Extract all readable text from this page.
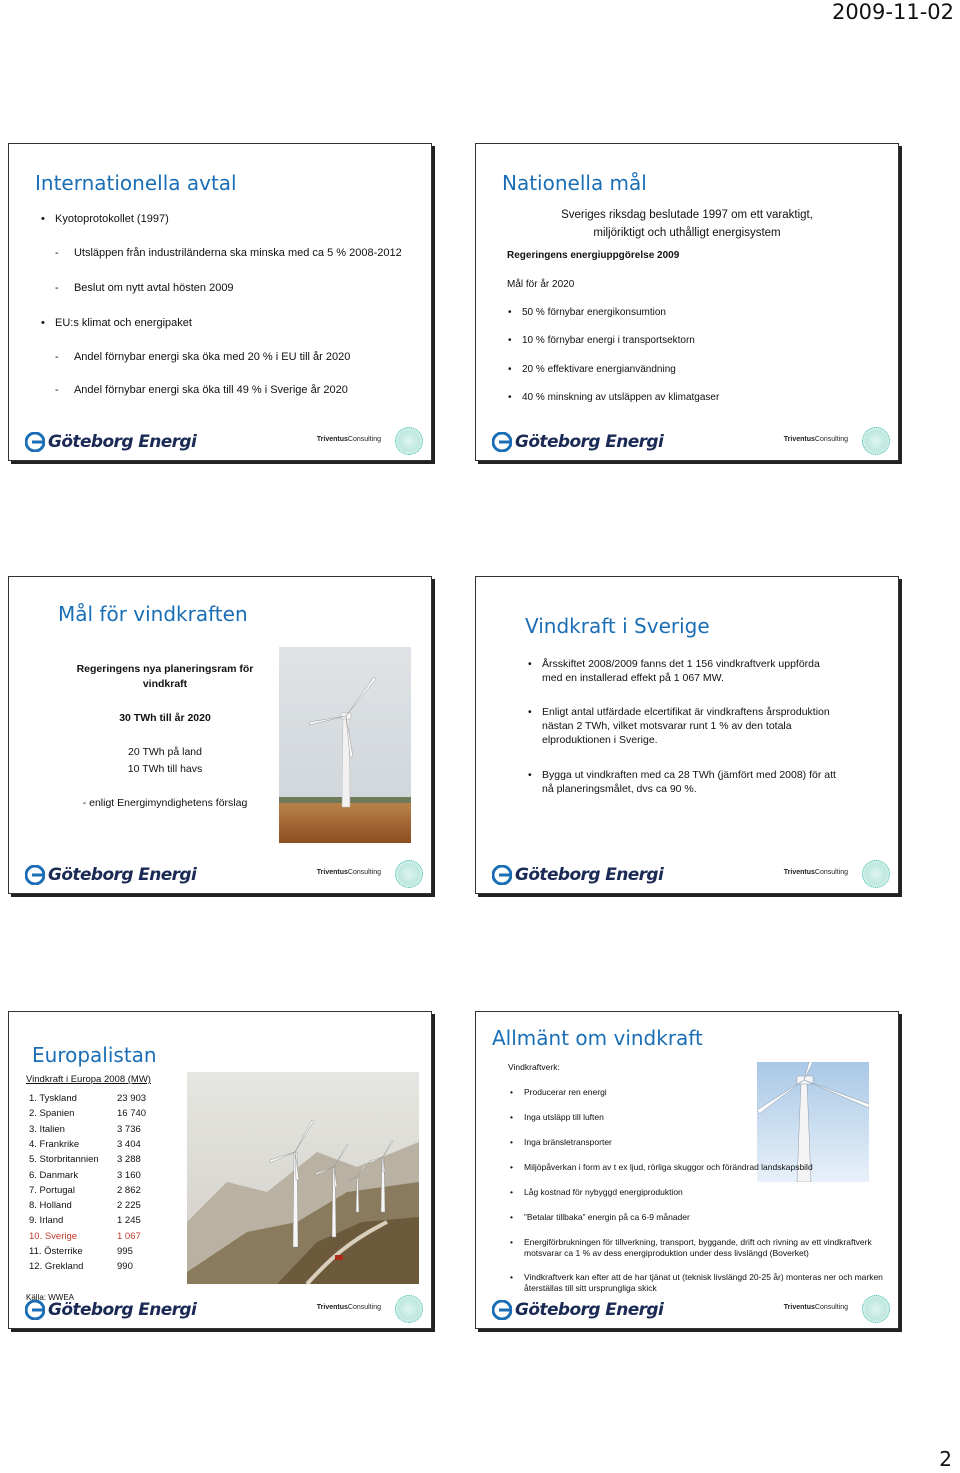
2009-11-02
Internationella avtal
• Kyotoprotokollet (1997)
-     Utsläppen från industriländerna ska minska med ca 5 % 2008-2012
-     Beslut om nytt avtal hösten 2009
• EU:s klimat och energipaket
-     Andel förnybar energi ska öka med 20 % i EU till år 2020
-     Andel förnybar energi ska öka till 49 % i Sverige år 2020
Göteborg Energi	TriventusConsulting
Nationella mål
Sveriges riksdag beslutade 1997 om ett varaktigt,
miljöriktigt och uthålligt energisystem
Regeringens energiuppgörelse 2009
Mål för år 2020
• 50 % förnybar energikonsumtion
• 10 % förnybar energi i transportsektorn
• 20 % effektivare energianvändning
• 40 % minskning av utsläppen av klimatgaser
Göteborg Energi	TriventusConsulting
Mål för vindkraften
Regeringens nya planeringsram för
vindkraft
30 TWh till år 2020
20 TWh på land
10 TWh till havs
- enligt Energimyndighetens förslag
Göteborg Energi	TriventusConsulting
Vindkraft i Sverige
• Årsskiftet 2008/2009 fanns det 1 156 vindkraftverk uppförda
med en installerad effekt på 1 067 MW.
• Enligt antal utfärdade elcertifikat är vindkraftens årsproduktion
nästan 2 TWh, vilket motsvarar runt 1 % av den totala
elproduktionen i Sverige.
• Bygga ut vindkraften med ca 28 TWh (jämfört med 2008) för att
nå planeringsmålet, dvs ca 90 %.
Göteborg Energi	TriventusConsulting
Europalistan
Vindkraft i Europa 2008 (MW)
1. Tyskland	23 903
2. Spanien	16 740
3. Italien	3 736
4. Frankrike	3 404
5. Storbritannien 3 288
6. Danmark	3 160
7. Portugal	2 862
8. Holland	2 225
9. Irland	1 245
10. Sverige	1 067
11. Österrike	995
12. Grekland	990
Källa: WWEA
Göteborg Energi	TriventusConsulting
Allmänt om vindkraft
Vindkraftverk:
• Producerar ren energi
• Inga utsläpp till luften
• Inga bränsletransporter
• Miljöpåverkan i form av t ex ljud, rörliga skuggor och förändrad landskapsbild
• Låg kostnad för nybyggd energiproduktion
• ”Betalar tillbaka” energin på ca 6-9 månader
• Energiförbrukningen för tillverkning, transport, byggande, drift och rivning av ett vindkraftverk
motsvarar ca 1 % av dess energiproduktion under dess livslängd (Boverket)
• Vindkraftverk kan efter att de har tjänat ut (teknisk livslängd 20-25 år) monteras ner och marken
återställas till sitt ursprungliga skick
Göteborg Energi	TriventusConsulting
2
